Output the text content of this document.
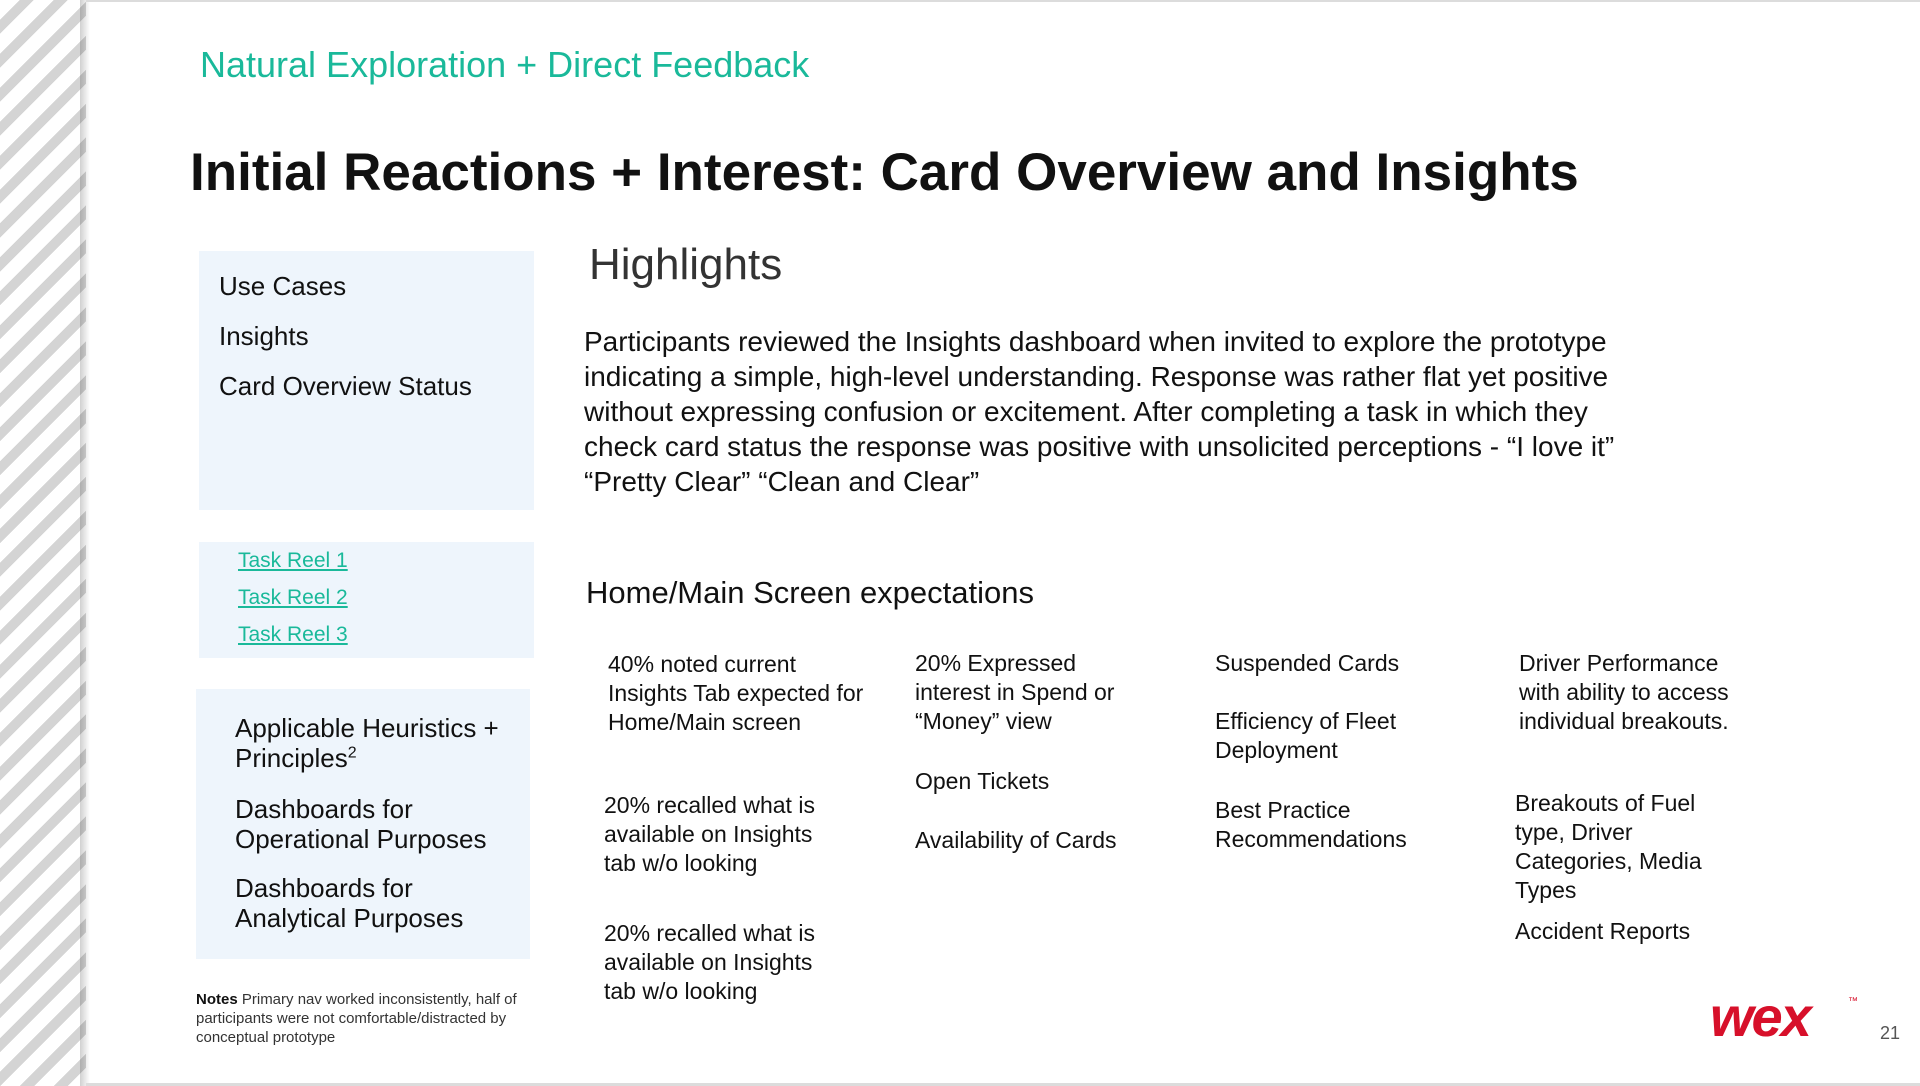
Natural Exploration + Direct Feedback
Initial Reactions + Interest: Card Overview and Insights
Use Cases
Insights
Card Overview Status
Task Reel 1
Task Reel 2
Task Reel 3
Applicable Heuristics +
Principles$^2$
Dashboards for
Operational Purposes
Dashboards for
Analytical Purposes
Notes Primary nav worked inconsistently, half of participants were not comfortable/distracted by conceptual prototype
Highlights
Participants reviewed the Insights dashboard when invited to explore the prototype indicating a simple, high-level understanding. Response was rather flat yet positive without expressing confusion or excitement. After completing a task in which they check card status the response was positive with unsolicited perceptions - “I love it” “Pretty Clear” “Clean and Clear”
Home/Main Screen expectations
40% noted current Insights Tab expected for Home/Main screen
20% recalled what is available on Insights tab w/o looking
20% recalled what is available on Insights tab w/o looking
20% Expressed interest in Spend or “Money” view
Open Tickets
Availability of Cards
Suspended Cards
Efficiency of Fleet Deployment
Best Practice Recommendations
Driver Performance with ability to access individual breakouts.
Breakouts of Fuel type, Driver Categories, Media Types
Accident Reports
wex	™
21
